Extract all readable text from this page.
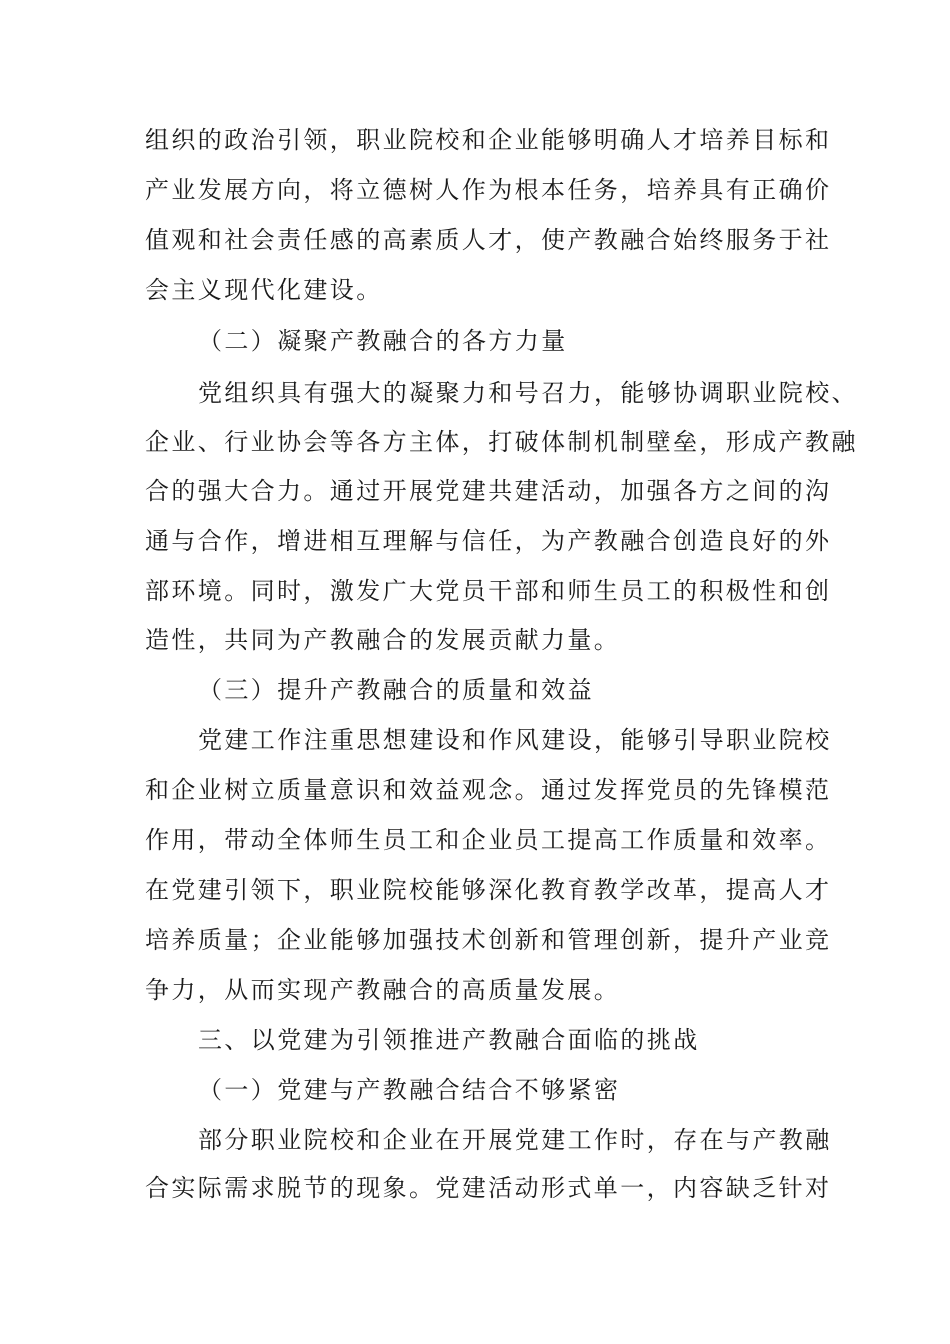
组织的政治引领，职业院校和企业能够明确人才培养目标和
产业发展方向，将立德树人作为根本任务，培养具有正确价
值观和社会责任感的高素质人才，使产教融合始终服务于社
会主义现代化建设。
（二）凝聚产教融合的各方力量
党组织具有强大的凝聚力和号召力，能够协调职业院校、
企业、行业协会等各方主体，打破体制机制壁垒，形成产教融
合的强大合力。通过开展党建共建活动，加强各方之间的沟
通与合作，增进相互理解与信任，为产教融合创造良好的外
部环境。同时，激发广大党员干部和师生员工的积极性和创
造性，共同为产教融合的发展贡献力量。
（三）提升产教融合的质量和效益
党建工作注重思想建设和作风建设，能够引导职业院校
和企业树立质量意识和效益观念。通过发挥党员的先锋模范
作用，带动全体师生员工和企业员工提高工作质量和效率。
在党建引领下，职业院校能够深化教育教学改革，提高人才
培养质量；企业能够加强技术创新和管理创新，提升产业竞
争力，从而实现产教融合的高质量发展。
三、以党建为引领推进产教融合面临的挑战
（一）党建与产教融合结合不够紧密
部分职业院校和企业在开展党建工作时，存在与产教融
合实际需求脱节的现象。党建活动形式单一，内容缺乏针对
